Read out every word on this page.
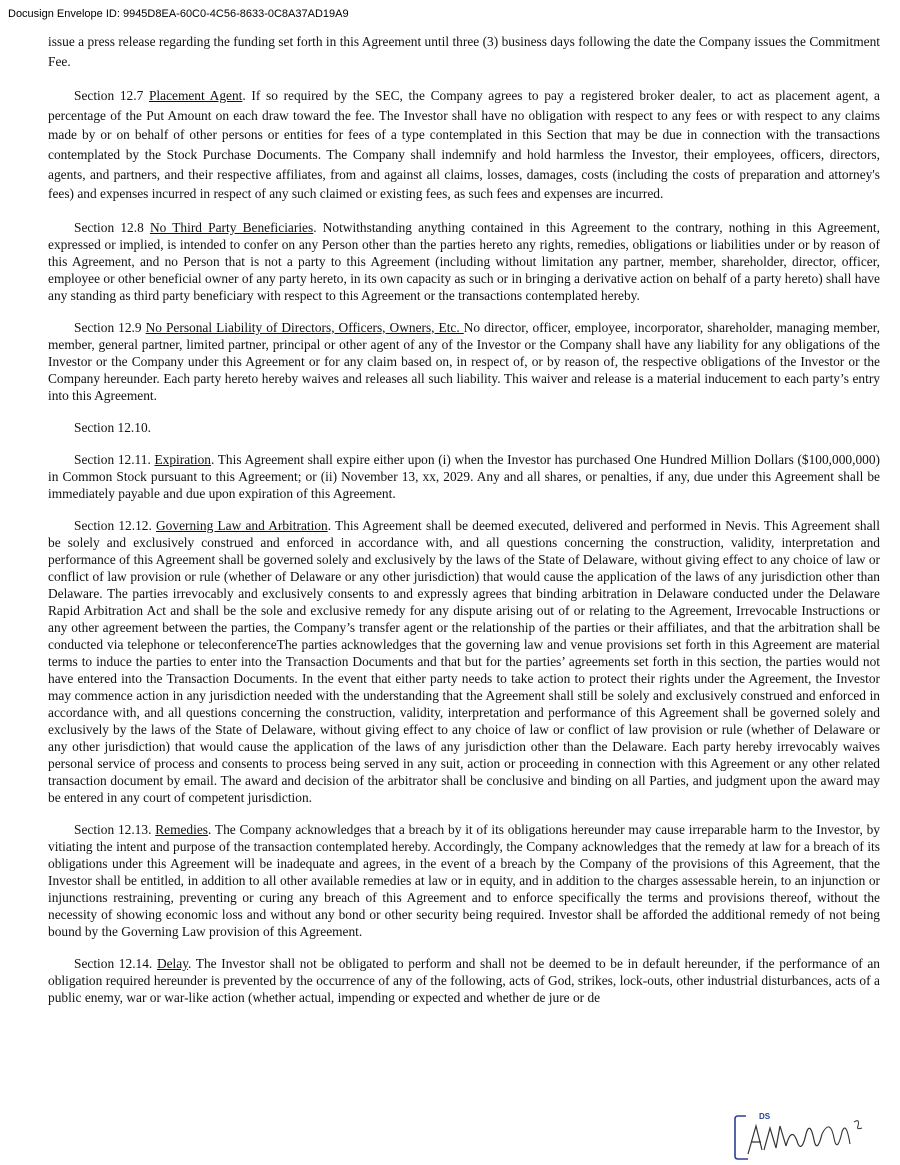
Docusign Envelope ID: 9945D8EA-60C0-4C56-8633-0C8A37AD19A9

issue a press release regarding the funding set forth in this Agreement until three (3) business days following the date the Company issues the Commitment Fee.

Section 12.7 Placement Agent. If so required by the SEC, the Company agrees to pay a registered broker dealer, to act as placement agent, a percentage of the Put Amount on each draw toward the fee. The Investor shall have no obligation with respect to any fees or with respect to any claims made by or on behalf of other persons or entities for fees of a type contemplated in this Section that may be due in connection with the transactions contemplated by the Stock Purchase Documents. The Company shall indemnify and hold harmless the Investor, their employees, officers, directors, agents, and partners, and their respective affiliates, from and against all claims, losses, damages, costs (including the costs of preparation and attorney's fees) and expenses incurred in respect of any such claimed or existing fees, as such fees and expenses are incurred.

Section 12.8 No Third Party Beneficiaries. Notwithstanding anything contained in this Agreement to the contrary, nothing in this Agreement, expressed or implied, is intended to confer on any Person other than the parties hereto any rights, remedies, obligations or liabilities under or by reason of this Agreement, and no Person that is not a party to this Agreement (including without limitation any partner, member, shareholder, director, officer, employee or other beneficial owner of any party hereto, in its own capacity as such or in bringing a derivative action on behalf of a party hereto) shall have any standing as third party beneficiary with respect to this Agreement or the transactions contemplated hereby.

Section 12.9 No Personal Liability of Directors, Officers, Owners, Etc. No director, officer, employee, incorporator, shareholder, managing member, member, general partner, limited partner, principal or other agent of any of the Investor or the Company shall have any liability for any obligations of the Investor or the Company under this Agreement or for any claim based on, in respect of, or by reason of, the respective obligations of the Investor or the Company hereunder. Each party hereto hereby waives and releases all such liability. This waiver and release is a material inducement to each party’s entry into this Agreement.

Section 12.10.

Section 12.11. Expiration. This Agreement shall expire either upon (i) when the Investor has purchased One Hundred Million Dollars ($100,000,000) in Common Stock pursuant to this Agreement; or (ii) November 13, xx, 2029. Any and all shares, or penalties, if any, due under this Agreement shall be immediately payable and due upon expiration of this Agreement.

Section 12.12. Governing Law and Arbitration. This Agreement shall be deemed executed, delivered and performed in Nevis. This Agreement shall be solely and exclusively construed and enforced in accordance with, and all questions concerning the construction, validity, interpretation and performance of this Agreement shall be governed solely and exclusively by the laws of the State of Delaware, without giving effect to any choice of law or conflict of law provision or rule (whether of Delaware or any other jurisdiction) that would cause the application of the laws of any jurisdiction other than Delaware. The parties irrevocably and exclusively consents to and expressly agrees that binding arbitration in Delaware conducted under the Delaware Rapid Arbitration Act and shall be the sole and exclusive remedy for any dispute arising out of or relating to the Agreement, Irrevocable Instructions or any other agreement between the parties, the Company’s transfer agent or the relationship of the parties or their affiliates, and that the arbitration shall be conducted via telephone or teleconferenceThe parties acknowledges that the governing law and venue provisions set forth in this Agreement are material terms to induce the parties to enter into the Transaction Documents and that but for the parties’ agreements set forth in this section, the parties would not have entered into the Transaction Documents. In the event that either party needs to take action to protect their rights under the Agreement, the Investor may commence action in any jurisdiction needed with the understanding that the Agreement shall still be solely and exclusively construed and enforced in accordance with, and all questions concerning the construction, validity, interpretation and performance of this Agreement shall be governed solely and exclusively by the laws of the State of Delaware, without giving effect to any choice of law or conflict of law provision or rule (whether of Delaware or any other jurisdiction) that would cause the application of the laws of any jurisdiction other than the Delaware. Each party hereby irrevocably waives personal service of process and consents to process being served in any suit, action or proceeding in connection with this Agreement or any other related transaction document by email. The award and decision of the arbitrator shall be conclusive and binding on all Parties, and judgment upon the award may be entered in any court of competent jurisdiction.

Section 12.13. Remedies. The Company acknowledges that a breach by it of its obligations hereunder may cause irreparable harm to the Investor, by vitiating the intent and purpose of the transaction contemplated hereby. Accordingly, the Company acknowledges that the remedy at law for a breach of its obligations under this Agreement will be inadequate and agrees, in the event of a breach by the Company of the provisions of this Agreement, that the Investor shall be entitled, in addition to all other available remedies at law or in equity, and in addition to the charges assessable herein, to an injunction or injunctions restraining, preventing or curing any breach of this Agreement and to enforce specifically the terms and provisions thereof, without the necessity of showing economic loss and without any bond or other security being required. Investor shall be afforded the additional remedy of not being bound by the Governing Law provision of this Agreement.

Section 12.14. Delay. The Investor shall not be obligated to perform and shall not be deemed to be in default hereunder, if the performance of an obligation required hereunder is prevented by the occurrence of any of the following, acts of God, strikes, lock-outs, other industrial disturbances, acts of a public enemy, war or war-like action (whether actual, impending or expected and whether de jure or de

DS
